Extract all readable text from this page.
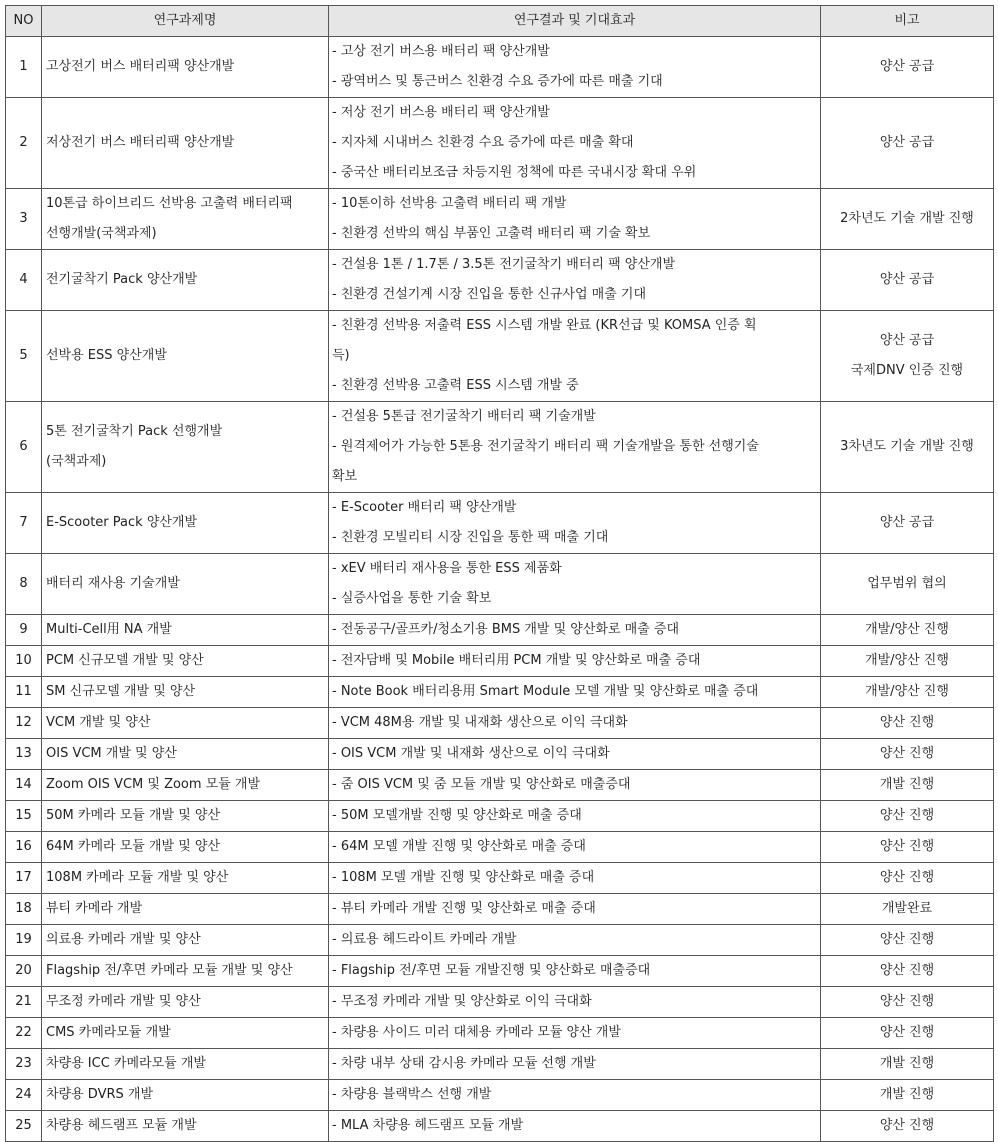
NO	연구과제명	연구결과 및 기대효과	비고
1	고상전기 버스 배터리팩 양산개발	- 고상 전기 버스용 배터리 팩 양산개발
- 광역버스 및 통근버스 친환경 수요 증가에 따른 매출 기대	양산 공급

2	저상전기 버스 배터리팩 양산개발	- 저상 전기 버스용 배터리 팩 양산개발
- 지자체 시내버스 친환경 수요 증가에 따른 매출 확대
- 중국산 배터리보조금 차등지원 정책에 따른 국내시장 확대 우위	양산 공급

3	10톤급 하이브리드 선박용 고출력 배터리팩
선행개발(국책과제)	- 10톤이하 선박용 고출력 배터리 팩 개발
- 친환경 선박의 핵심 부품인 고출력 배터리 팩 기술 확보	2차년도 기술 개발 진행

4	전기굴착기 Pack 양산개발	- 건설용 1톤 / 1.7톤 / 3.5톤 전기굴착기 배터리 팩 양산개발
- 친환경 건설기계 시장 진입을 통한 신규사업 매출 기대	양산 공급

5	선박용 ESS 양산개발	- 친환경 선박용 저출력 ESS 시스템 개발 완료 (KR선급 및 KOMSA 인증 획
득)
- 친환경 선박용 고출력 ESS 시스템 개발 중	양산 공급
국제DNV 인증 진행

6	5톤 전기굴착기 Pack 선행개발
(국책과제)	- 건설용 5톤급 전기굴착기 배터리 팩 기술개발
- 원격제어가 가능한 5톤용 전기굴착기 배터리 팩 기술개발을 통한 선행기술
확보	3차년도 기술 개발 진행

7	E-Scooter Pack 양산개발	- E-Scooter 배터리 팩 양산개발
- 친환경 모빌리티 시장 진입을 통한 팩 매출 기대	양산 공급

8	배터리 재사용 기술개발	- xEV 배터리 재사용을 통한 ESS 제품화
- 실증사업을 통한 기술 확보	업무범위 협의

9	Multi-Cell用 NA 개발	- 전동공구/골프카/청소기용 BMS 개발 및 양산화로 매출 증대	개발/양산 진행

10	PCM 신규모델 개발 및 양산	- 전자담배 및 Mobile 배터리用 PCM 개발 및 양산화로 매출 증대	개발/양산 진행

11	SM 신규모델 개발 및 양산	- Note Book 배터리용用 Smart Module 모델 개발 및 양산화로 매출 증대	개발/양산 진행

12	VCM 개발 및 양산	- VCM 48M용 개발 및 내재화 생산으로 이익 극대화	양산 진행

13	OIS VCM 개발 및 양산	- OIS VCM 개발 및 내재화 생산으로 이익 극대화	양산 진행

14	Zoom OIS VCM 및 Zoom 모듈 개발	- 줌 OIS VCM 및 줌 모듈 개발 및 양산화로 매출증대	개발 진행

15	50M 카메라 모듈 개발 및 양산	- 50M 모델개발 진행 및 양산화로 매출 증대	양산 진행

16	64M 카메라 모듈 개발 및 양산	- 64M 모델 개발 진행 및 양산화로 매출 증대	양산 진행

17	108M 카메라 모듈 개발 및 양산	- 108M 모델 개발 진행 및 양산화로 매출 증대	양산 진행

18	뷰티 카메라 개발	- 뷰티 카메라 개발 진행 및 양산화로 매출 증대	개발완료

19	의료용 카메라 개발 및 양산	- 의료용 헤드라이트 카메라 개발	양산 진행

20	Flagship 전/후면 카메라 모듈 개발 및 양산	- Flagship 전/후면 모듈 개발진행 및 양산화로 매출증대	양산 진행

21	무조정 카메라 개발 및 양산	- 무조정 카메라 개발 및 양산화로 이익 극대화	양산 진행

22	CMS 카메라모듈 개발	- 차량용 사이드 미러 대체용 카메라 모듈 양산 개발	양산 진행

23	차량용 ICC 카메라모듈 개발	- 차량 내부 상태 감시용 카메라 모듈 선행 개발	개발 진행

24	차량용 DVRS 개발	- 차량용 블랙박스 선행 개발	개발 진행

25	차량용 헤드램프 모듈 개발	- MLA 차량용 헤드램프 모듈 개발	양산 진행
